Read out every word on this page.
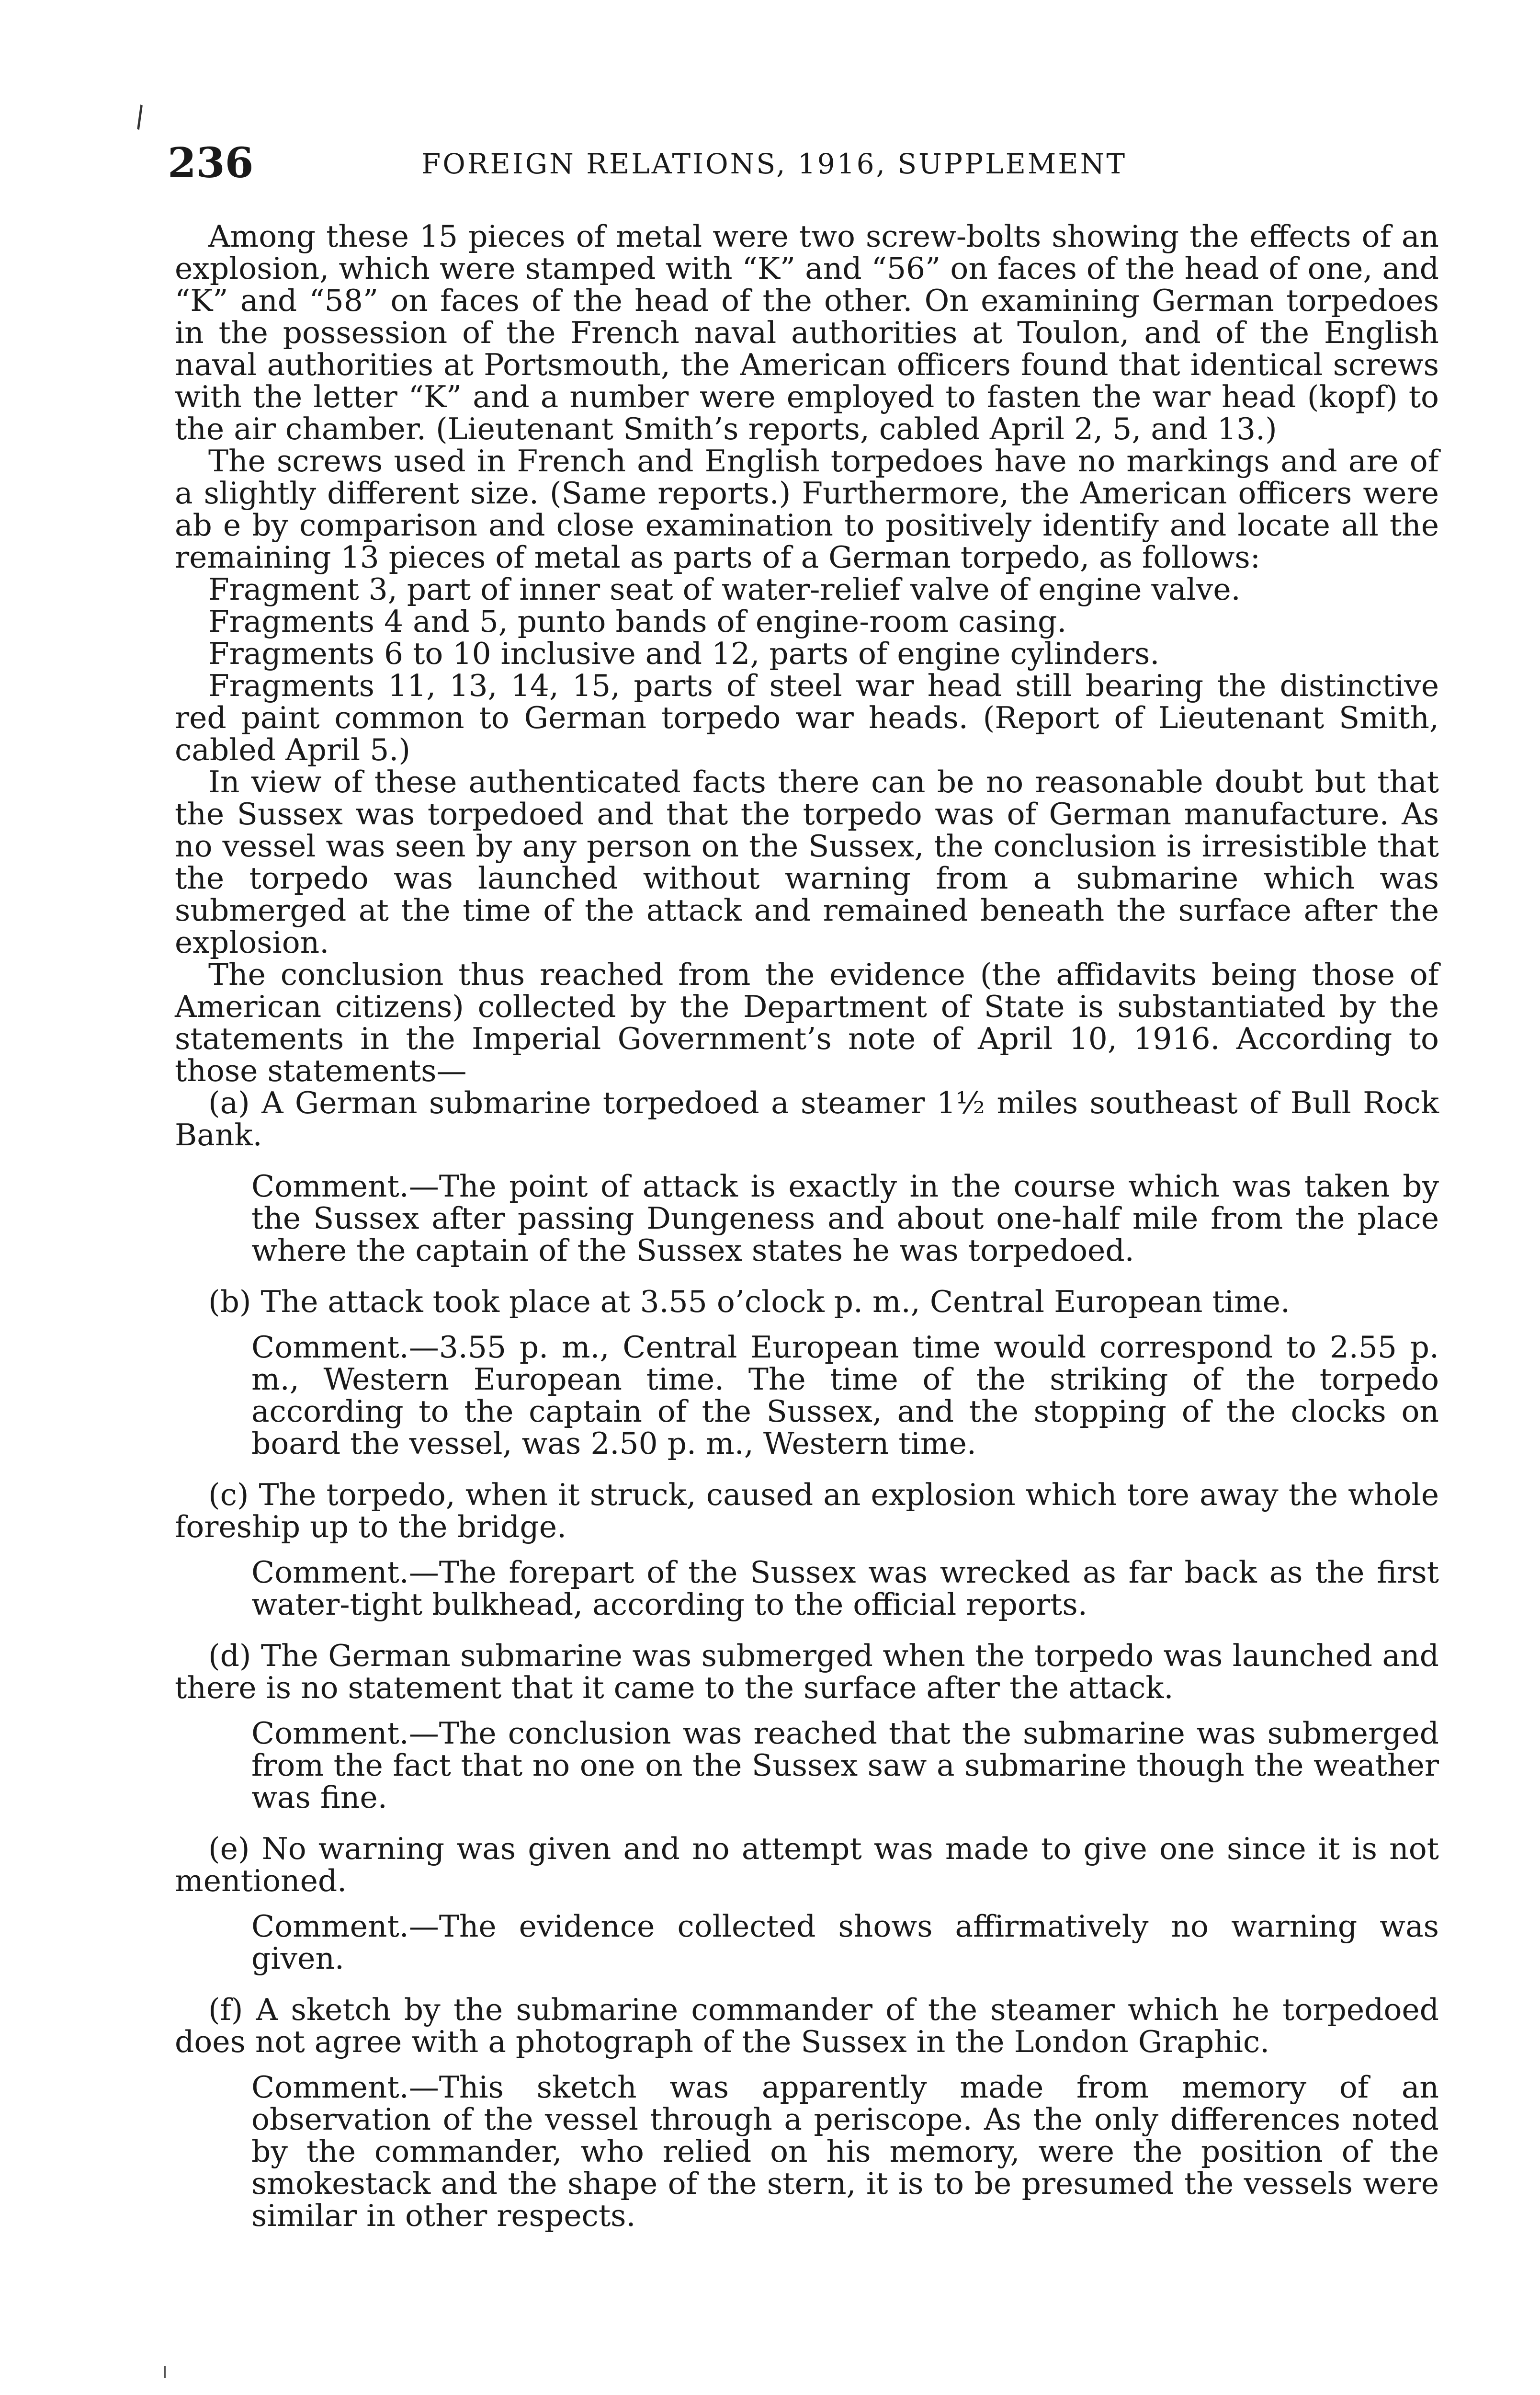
∖
236	FOREIGN RELATIONS, 1916, SUPPLEMENT

Among these 15 pieces of metal were two screw-bolts showing the effects of an explosion, which were stamped with “K” and “56” on faces of the head of one, and “K” and “58” on faces of the head of the other. On examining German torpedoes in the possession of the French naval authorities at Toulon, and of the English naval authorities at Portsmouth, the American officers found that identical screws with the letter “K” and a number were employed to fasten the war head (kopf) to the air chamber. (Lieutenant Smith’s reports, cabled April 2, 5, and 13.)

The screws used in French and English torpedoes have no markings and are of a slightly different size. (Same reports.) Furthermore, the American officers were ab e by comparison and close examination to positively identify and locate all the remaining 13 pieces of metal as parts of a German torpedo, as follows:

Fragment 3, part of inner seat of water-relief valve of engine valve.

Fragments 4 and 5, punto bands of engine-room casing.

Fragments 6 to 10 inclusive and 12, parts of engine cylinders.

Fragments 11, 13, 14, 15, parts of steel war head still bearing the distinctive red paint common to German torpedo war heads. (Report of Lieutenant Smith, cabled April 5.)

In view of these authenticated facts there can be no reasonable doubt but that the Sussex was torpedoed and that the torpedo was of German manufacture. As no vessel was seen by any person on the Sussex, the conclusion is irresistible that the torpedo was launched without warning from a submarine which was submerged at the time of the attack and remained beneath the surface after the explosion.

The conclusion thus reached from the evidence (the affidavits being those of American citizens) collected by the Department of State is substantiated by the statements in the Imperial Government’s note of April 10, 1916. According to those statements—

(a) A German submarine torpedoed a steamer 1½ miles southeast of Bull Rock Bank.

Comment.—The point of attack is exactly in the course which was taken by the Sussex after passing Dungeness and about one-half mile from the place where the captain of the Sussex states he was torpedoed.

(b) The attack took place at 3.55 o’clock p. m., Central European time.

Comment.—3.55 p. m., Central European time would correspond to 2.55 p. m., Western European time. The time of the striking of the torpedo according to the captain of the Sussex, and the stopping of the clocks on board the vessel, was 2.50 p. m., Western time.

(c) The torpedo, when it struck, caused an explosion which tore away the whole foreship up to the bridge.

Comment.—The forepart of the Sussex was wrecked as far back as the first water-tight bulkhead, according to the official reports.

(d) The German submarine was submerged when the torpedo was launched and there is no statement that it came to the surface after the attack.

Comment.—The conclusion was reached that the submarine was submerged from the fact that no one on the Sussex saw a submarine though the weather was fine.

(e) No warning was given and no attempt was made to give one since it is not mentioned.

Comment.—The evidence collected shows affirmatively no warning was given.

(f) A sketch by the submarine commander of the steamer which he torpedoed does not agree with a photograph of the Sussex in the London Graphic.

Comment.—This sketch was apparently made from memory of an observation of the vessel through a periscope. As the only differences noted by the commander, who relied on his memory, were the position of the smokestack and the shape of the stern, it is to be presumed the vessels were similar in other respects.
